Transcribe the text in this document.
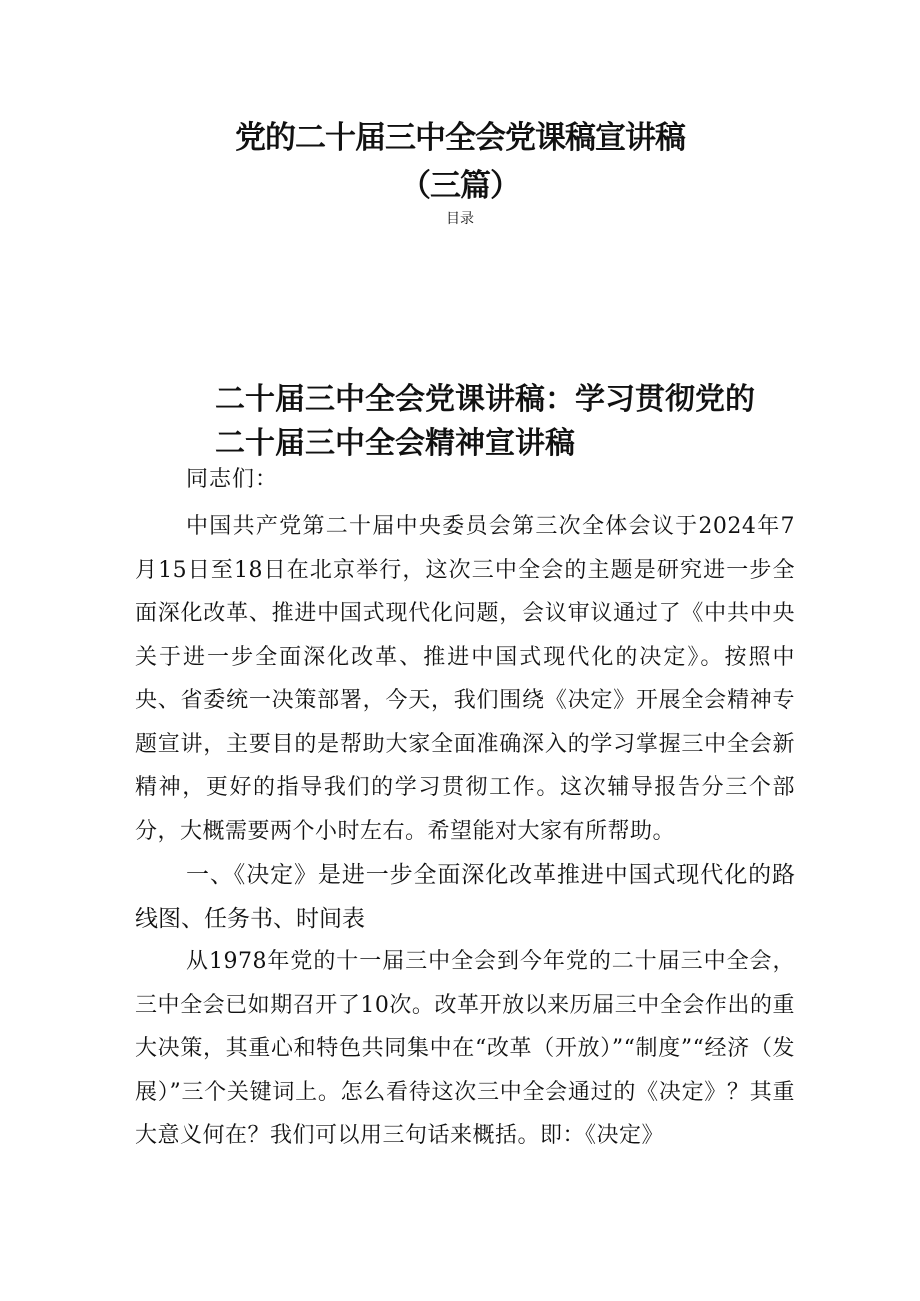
党的二十届三中全会党课稿宣讲稿
（三篇）
目录
二十届三中全会党课讲稿：学习贯彻党的
二十届三中全会精神宣讲稿

同志们：

中国共产党第二十届中央委员会第三次全体会议于2024年7月15日至18日在北京举行，这次三中全会的主题是研究进一步全面深化改革、推进中国式现代化问题，会议审议通过了《中共中央关于进一步全面深化改革、推进中国式现代化的决定》。按照中央、省委统一决策部署，今天，我们围绕《决定》开展全会精神专题宣讲，主要目的是帮助大家全面准确深入的学习掌握三中全会新精神，更好的指导我们的学习贯彻工作。这次辅导报告分三个部分，大概需要两个小时左右。希望能对大家有所帮助。

一、《决定》是进一步全面深化改革推进中国式现代化的路线图、任务书、时间表

从1978年党的十一届三中全会到今年党的二十届三中全会，三中全会已如期召开了10次。改革开放以来历届三中全会作出的重大决策，其重心和特色共同集中在“改革（开放）”“制度”“经济（发展）”三个关键词上。怎么看待这次三中全会通过的《决定》？其重大意义何在？我们可以用三句话来概括。即：《决定》
